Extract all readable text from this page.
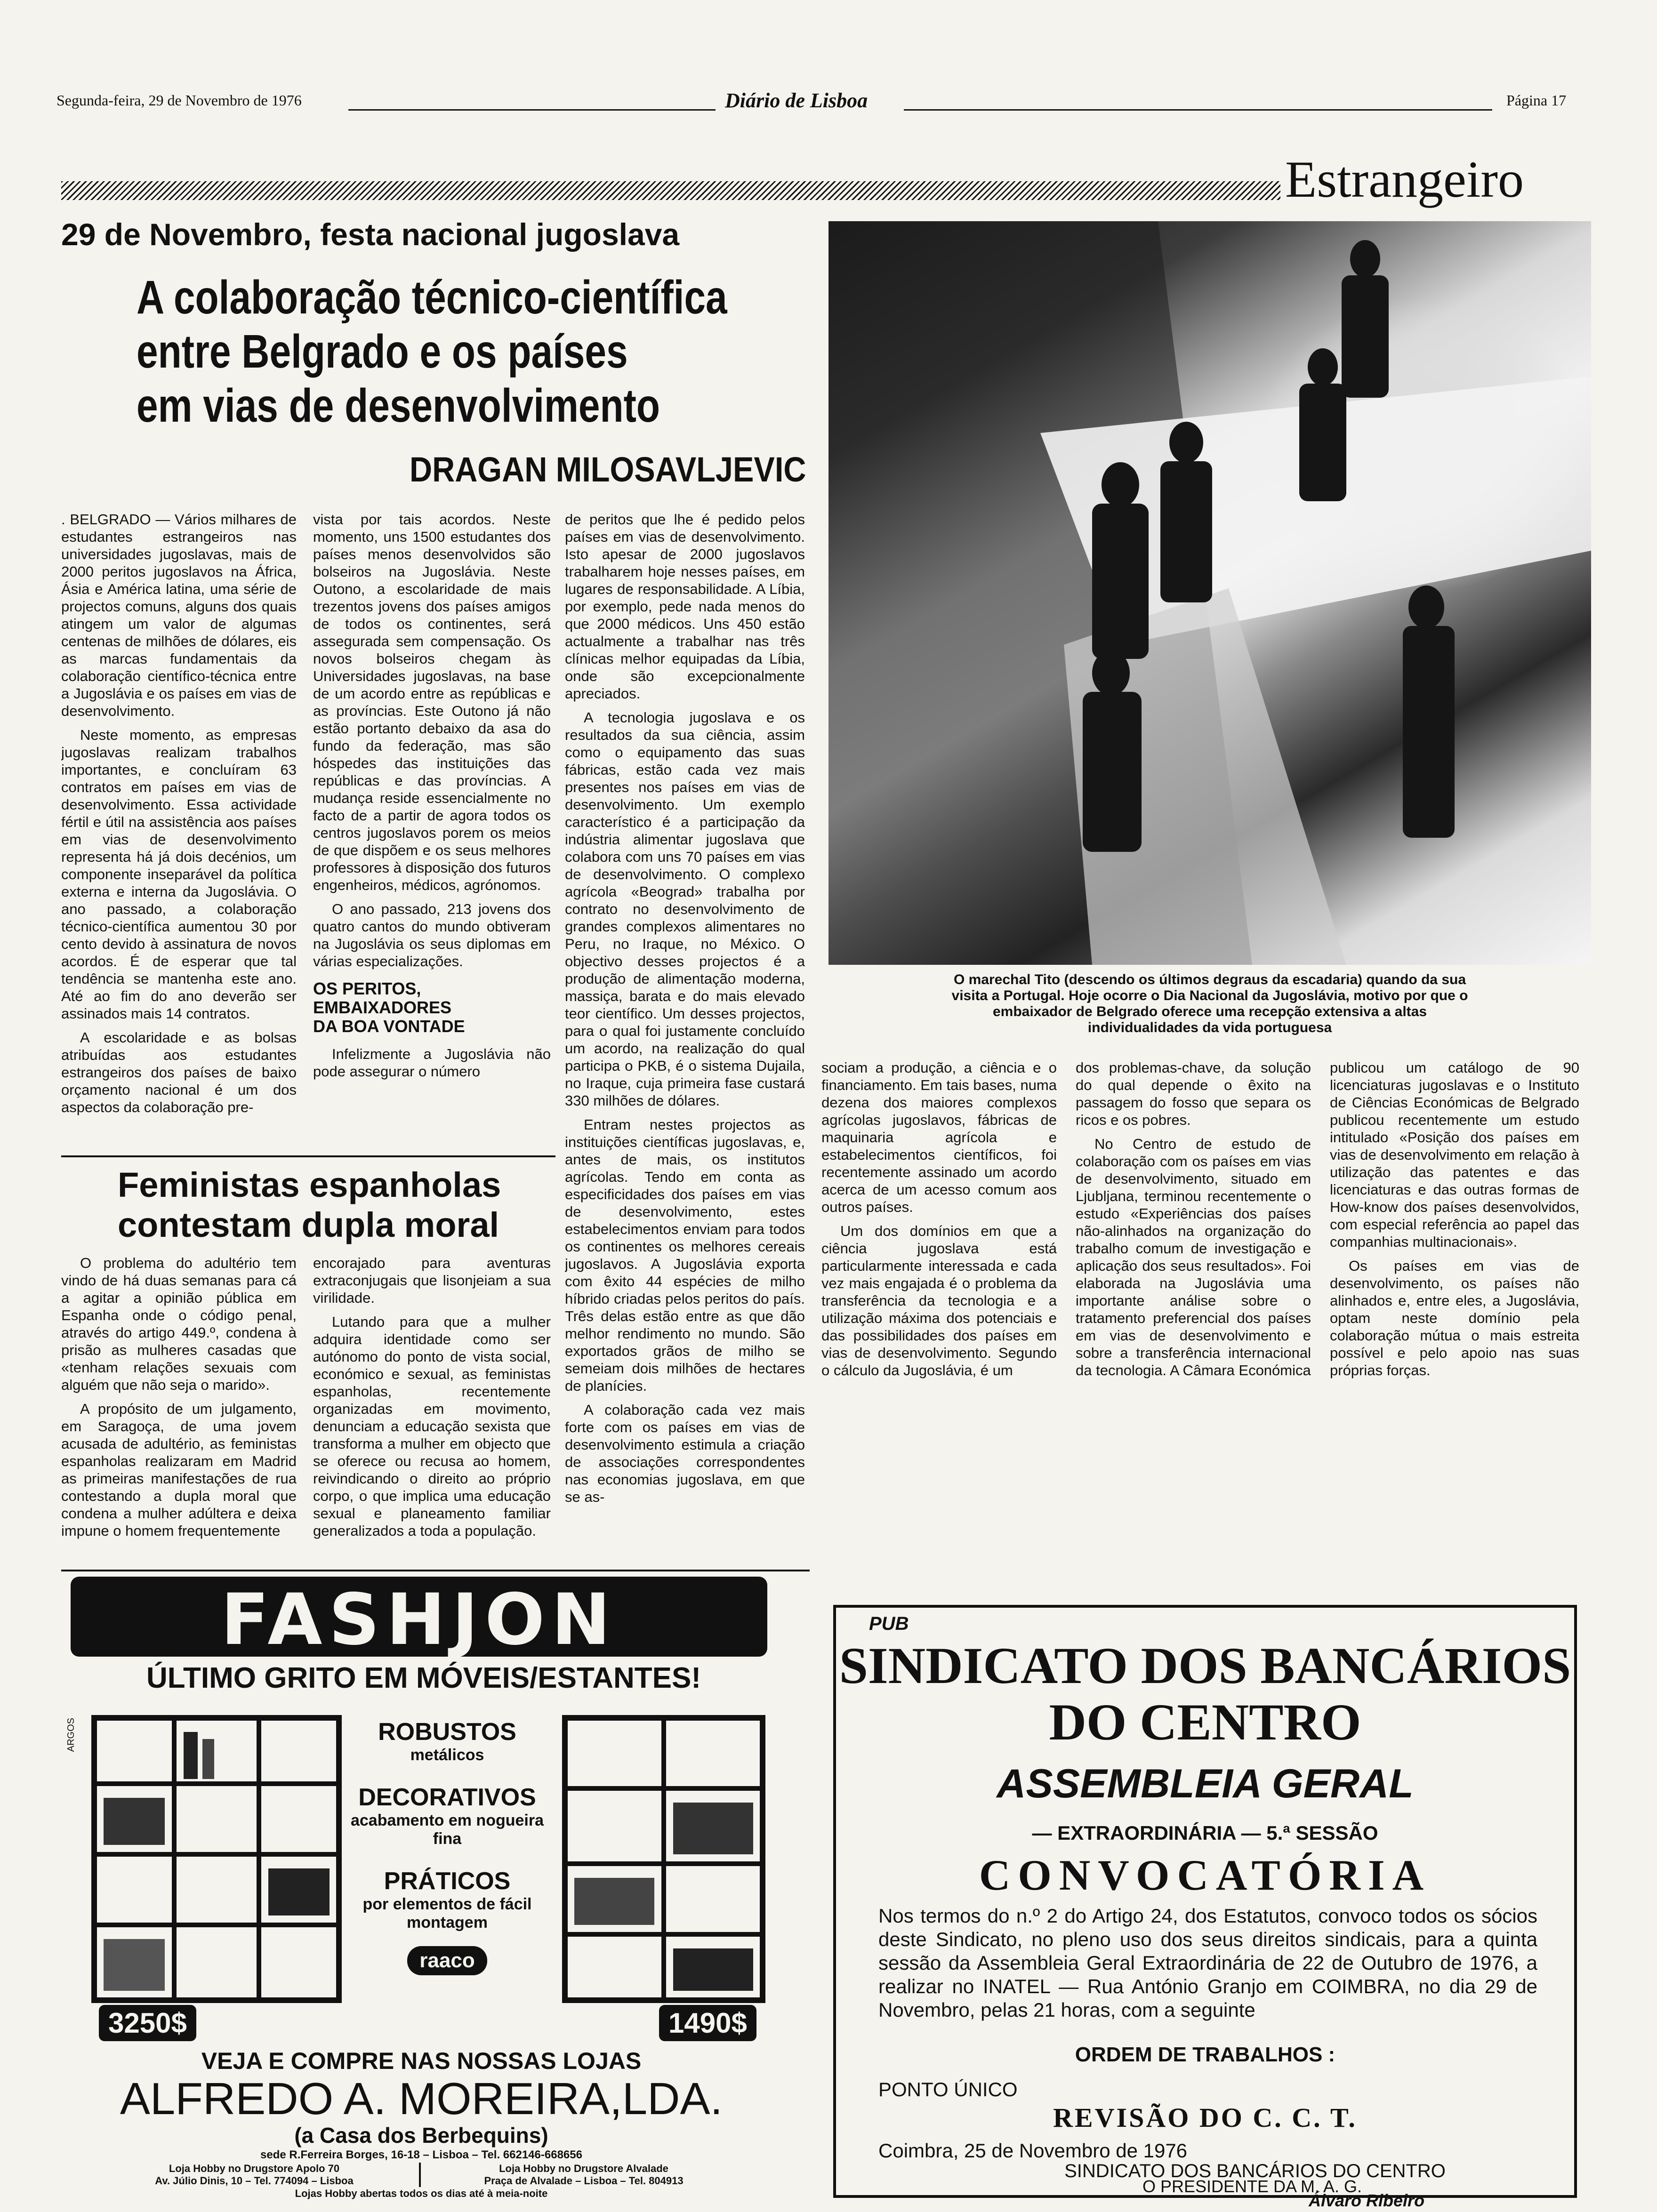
Segunda-feira, 29 de Novembro de 1976	Diário de Lisboa	Página 17
Estrangeiro
29 de Novembro, festa nacional jugoslava
A colaboração técnico-científica
entre Belgrado e os países
em vias de desenvolvimento
DRAGAN MILOSAVLJEVIC

. BELGRADO — Vários milhares de estudantes estrangeiros nas universidades jugoslavas, mais de 2000 peritos jugoslavos na África, Ásia e América latina, uma série de projectos comuns, alguns dos quais atingem um valor de algumas centenas de milhões de dólares, eis as marcas fundamentais da colaboração científico-técnica entre a Jugoslávia e os países em vias de desenvolvimento.

Neste momento, as empresas jugoslavas realizam trabalhos importantes, e concluíram 63 contratos em países em vias de desenvolvimento. Essa actividade fértil e útil na assistência aos países em vias de desenvolvimento representa há já dois decénios, um componente inseparável da política externa e interna da Jugoslávia. O ano passado, a colaboração técnico-científica aumentou 30 por cento devido à assinatura de novos acordos. É de esperar que tal tendência se mantenha este ano. Até ao fim do ano deverão ser assinados mais 14 contratos.

A escolaridade e as bolsas atribuídas aos estudantes estrangeiros dos países de baixo orçamento nacional é um dos aspectos da colaboração pre-

vista por tais acordos. Neste momento, uns 1500 estudantes dos países menos desenvolvidos são bolseiros na Jugoslávia. Neste Outono, a escolaridade de mais trezentos jovens dos países amigos de todos os continentes, será assegurada sem compensação. Os novos bolseiros chegam às Universidades jugoslavas, na base de um acordo entre as repúblicas e as províncias. Este Outono já não estão portanto debaixo da asa do fundo da federação, mas são hóspedes das instituições das repúblicas e das províncias. A mudança reside essencialmente no facto de a partir de agora todos os centros jugoslavos porem os meios de que dispõem e os seus melhores professores à disposição dos futuros engenheiros, médicos, agrónomos.

O ano passado, 213 jovens dos quatro cantos do mundo obtiveram na Jugoslávia os seus diplomas em várias especializações.

OS PERITOS,
EMBAIXADORES
DA BOA VONTADE

Infelizmente a Jugoslávia não pode assegurar o número

de peritos que lhe é pedido pelos países em vias de desenvolvimento. Isto apesar de 2000 jugoslavos trabalharem hoje nesses países, em lugares de responsabilidade. A Líbia, por exemplo, pede nada menos do que 2000 médicos. Uns 450 estão actualmente a trabalhar nas três clínicas melhor equipadas da Líbia, onde são excepcionalmente apreciados.

A tecnologia jugoslava e os resultados da sua ciência, assim como o equipamento das suas fábricas, estão cada vez mais presentes nos países em vias de desenvolvimento. Um exemplo característico é a participação da indústria alimentar jugoslava que colabora com uns 70 países em vias de desenvolvimento. O complexo agrícola «Beograd» trabalha por contrato no desenvolvimento de grandes complexos alimentares no Peru, no Iraque, no México. O objectivo desses projectos é a produção de alimentação moderna, massiça, barata e do mais elevado teor científico. Um desses projectos, para o qual foi justamente concluído um acordo, na realização do qual participa o PKB, é o sistema Dujaila, no Iraque, cuja primeira fase custará 330 milhões de dólares.

Entram nestes projectos as instituições científicas jugoslavas, e, antes de mais, os institutos agrícolas. Tendo em conta as especificidades dos países em vias de desenvolvimento, estes estabelecimentos enviam para todos os continentes os melhores cereais jugoslavos. A Jugoslávia exporta com êxito 44 espécies de milho híbrido criadas pelos peritos do país. Três delas estão entre as que dão melhor rendimento no mundo. São exportados grãos de milho se semeiam dois milhões de hectares de planícies.

A colaboração cada vez mais forte com os países em vias de desenvolvimento estimula a criação de associações correspondentes nas economias jugoslava, em que se as-

O marechal Tito (descendo os últimos degraus da escadaria) quando da sua visita a Portugal. Hoje ocorre o Dia Nacional da Jugoslávia, motivo por que o embaixador de Belgrado oferece uma recepção extensiva a altas individualidades da vida portuguesa

sociam a produção, a ciência e o financiamento. Em tais bases, numa dezena dos maiores complexos agrícolas jugoslavos, fábricas de maquinaria agrícola e estabelecimentos científicos, foi recentemente assinado um acordo acerca de um acesso comum aos outros países.

Um dos domínios em que a ciência jugoslava está particularmente interessada e cada vez mais engajada é o problema da transferência da tecnologia e a utilização máxima dos potenciais e das possibilidades dos países em vias de desenvolvimento. Segundo o cálculo da Jugoslávia, é um

dos problemas-chave, da solução do qual depende o êxito na passagem do fosso que separa os ricos e os pobres.

No Centro de estudo de colaboração com os países em vias de desenvolvimento, situado em Ljubljana, terminou recentemente o estudo «Experiências dos países não-alinhados na organização do trabalho comum de investigação e aplicação dos seus resultados». Foi elaborada na Jugoslávia uma importante análise sobre o tratamento preferencial dos países em vias de desenvolvimento e sobre a transferência internacional da tecnologia. A Câmara Económica

publicou um catálogo de 90 licenciaturas jugoslavas e o Instituto de Ciências Económicas de Belgrado publicou recentemente um estudo intitulado «Posição dos países em vias de desenvolvimento em relação à utilização das patentes e das licenciaturas e das outras formas de How-know dos países desenvolvidos, com especial referência ao papel das companhias multinacionais».

Os países em vias de desenvolvimento, os países não alinhados e, entre eles, a Jugoslávia, optam neste domínio pela colaboração mútua o mais estreita possível e pelo apoio nas suas próprias forças.

Feministas espanholas
contestam dupla moral

O problema do adultério tem vindo de há duas semanas para cá a agitar a opinião pública em Espanha onde o código penal, através do artigo 449.º, condena à prisão as mulheres casadas que «tenham relações sexuais com alguém que não seja o marido».

A propósito de um julgamento, em Saragoça, de uma jovem acusada de adultério, as feministas espanholas realizaram em Madrid as primeiras manifestações de rua contestando a dupla moral que condena a mulher adúltera e deixa impune o homem frequentemente

encorajado para aventuras extraconjugais que lisonjeiam a sua virilidade.

Lutando para que a mulher adquira identidade como ser autónomo do ponto de vista social, económico e sexual, as feministas espanholas, recentemente organizadas em movimento, denunciam a educação sexista que transforma a mulher em objecto que se oferece ou recusa ao homem, reivindicando o direito ao próprio corpo, o que implica uma educação sexual e planeamento familiar generalizados a toda a população.

FASHJON
ÚLTIMO GRITO EM MÓVEIS/ESTANTES!
ARGOS
3250$
ROBUSTOS
metálicos
DECORATIVOS
acabamento em nogueira fina
PRÁTICOS
por elementos de fácil montagem
raaco
1490$
VEJA E COMPRE NAS NOSSAS LOJAS
ALFREDO A. MOREIRA,LDA.
(a Casa dos Berbequins)
sede R.Ferreira Borges, 16-18 – Lisboa – Tel. 662146-668656
Loja Hobby no Drugstore Apolo 70
Av. Júlio Dinis, 10 – Tel. 774094 – Lisboa
Loja Hobby no Drugstore Alvalade
Praça de Alvalade – Lisboa – Tel. 804913
Lojas Hobby abertas todos os dias até à meia-noite
PUB
SINDICATO DOS BANCÁRIOS
DO CENTRO
ASSEMBLEIA GERAL
— EXTRAORDINÁRIA — 5.ª SESSÃO
CONVOCATÓRIA
Nos termos do n.º 2 do Artigo 24, dos Estatutos, convoco todos os sócios deste Sindicato, no pleno uso dos seus direitos sindicais, para a quinta sessão da Assembleia Geral Extraordinária de 22 de Outubro de 1976, a realizar no INATEL — Rua António Granjo em COIMBRA, no dia 29 de Novembro, pelas 21 horas, com a seguinte
ORDEM DE TRABALHOS :
PONTO ÚNICO
REVISÃO DO C. C. T.
Coimbra, 25 de Novembro de 1976
SINDICATO DOS BANCÁRIOS DO CENTRO
O PRESIDENTE DA M. A. G.
Álvaro Ribeiro
